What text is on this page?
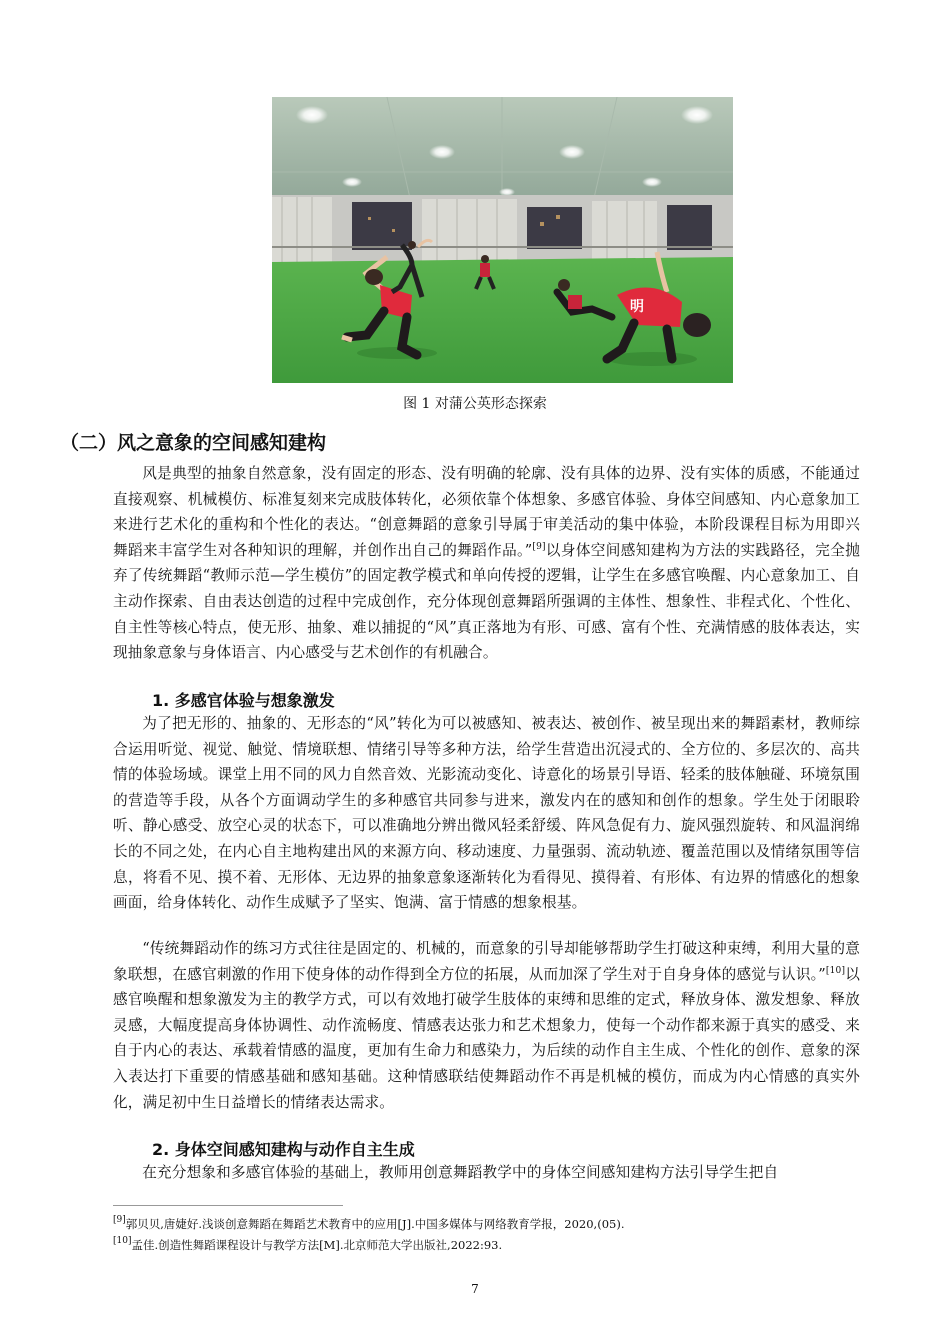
明
图 1 对蒲公英形态探索
（二）风之意象的空间感知建构

风是典型的抽象自然意象，没有固定的形态、没有明确的轮廓、没有具体的边界、没有实体的质感，不能通过直接观察、机械模仿、标准复刻来完成肢体转化，必须依靠个体想象、多感官体验、身体空间感知、内心意象加工来进行艺术化的重构和个性化的表达。“创意舞蹈的意象引导属于审美活动的集中体验，本阶段课程目标为用即兴舞蹈来丰富学生对各种知识的理解，并创作出自己的舞蹈作品。”[9]以身体空间感知建构为方法的实践路径，完全抛弃了传统舞蹈“教师示范—学生模仿”的固定教学模式和单向传授的逻辑，让学生在多感官唤醒、内心意象加工、自主动作探索、自由表达创造的过程中完成创作，充分体现创意舞蹈所强调的主体性、想象性、非程式化、个性化、自主性等核心特点，使无形、抽象、难以捕捉的“风”真正落地为有形、可感、富有个性、充满情感的肢体表达，实现抽象意象与身体语言、内心感受与艺术创作的有机融合。

1. 多感官体验与想象激发

为了把无形的、抽象的、无形态的“风”转化为可以被感知、被表达、被创作、被呈现出来的舞蹈素材，教师综合运用听觉、视觉、触觉、情境联想、情绪引导等多种方法，给学生营造出沉浸式的、全方位的、多层次的、高共情的体验场域。课堂上用不同的风力自然音效、光影流动变化、诗意化的场景引导语、轻柔的肢体触碰、环境氛围的营造等手段，从各个方面调动学生的多种感官共同参与进来，激发内在的感知和创作的想象。学生处于闭眼聆听、静心感受、放空心灵的状态下，可以准确地分辨出微风轻柔舒缓、阵风急促有力、旋风强烈旋转、和风温润绵长的不同之处，在内心自主地构建出风的来源方向、移动速度、力量强弱、流动轨迹、覆盖范围以及情绪氛围等信息，将看不见、摸不着、无形体、无边界的抽象意象逐渐转化为看得见、摸得着、有形体、有边界的情感化的想象画面，给身体转化、动作生成赋予了坚实、饱满、富于情感的想象根基。

“传统舞蹈动作的练习方式往往是固定的、机械的，而意象的引导却能够帮助学生打破这种束缚，利用大量的意象联想，在感官刺激的作用下使身体的动作得到全方位的拓展，从而加深了学生对于自身身体的感觉与认识。”[10]以感官唤醒和想象激发为主的教学方式，可以有效地打破学生肢体的束缚和思维的定式，释放身体、激发想象、释放灵感，大幅度提高身体协调性、动作流畅度、情感表达张力和艺术想象力，使每一个动作都来源于真实的感受、来自于内心的表达、承载着情感的温度，更加有生命力和感染力，为后续的动作自主生成、个性化的创作、意象的深入表达打下重要的情感基础和感知基础。这种情感联结使舞蹈动作不再是机械的模仿，而成为内心情感的真实外化，满足初中生日益增长的情绪表达需求。

2. 身体空间感知建构与动作自主生成

在充分想象和多感官体验的基础上，教师用创意舞蹈教学中的身体空间感知建构方法引导学生把自

[9]郭贝贝,唐婕好.浅谈创意舞蹈在舞蹈艺术教育中的应用[J].中国多媒体与网络教育学报，2020,(05).
[10]孟佳.创造性舞蹈课程设计与教学方法[M].北京师范大学出版社,2022:93.
7
